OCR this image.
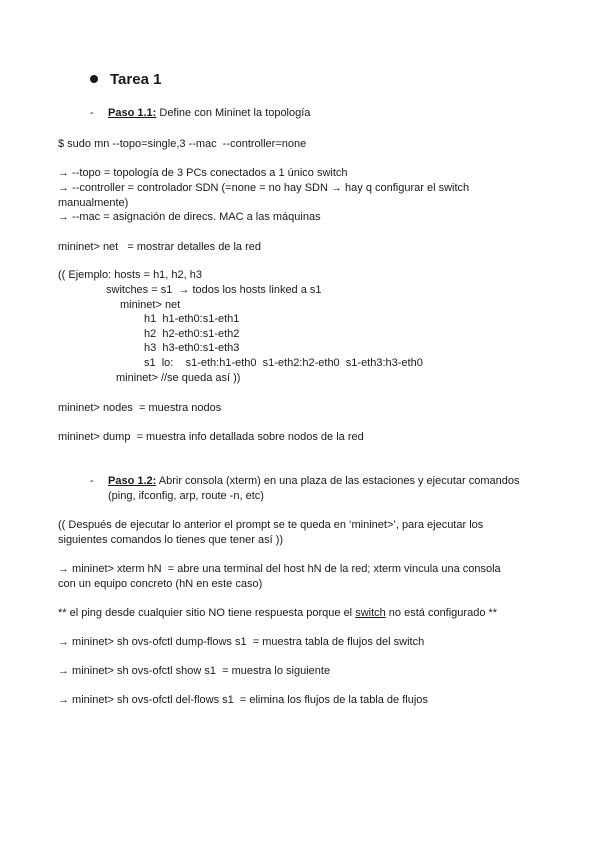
Tarea 1
- Paso 1.1: Define con Mininet la topología
$ sudo mn --topo=single,3 --mac  --controller=none
→ --topo = topología de 3 PCs conectados a 1 único switch
→ --controller = controlador SDN (=none = no hay SDN → hay q configurar el switch
manualmente)
→ --mac = asignación de direcs. MAC a las máquinas
mininet> net   = mostrar detalles de la red
(( Ejemplo: hosts = h1, h2, h3
switches = s1  → todos los hosts linked a s1
mininet> net
h1  h1-eth0:s1-eth1
h2  h2-eth0:s1-eth2
h3  h3-eth0:s1-eth3
s1  lo:    s1-eth:h1-eth0  s1-eth2:h2-eth0  s1-eth3:h3-eth0
mininet> //se queda así ))
mininet> nodes  = muestra nodos
mininet> dump  = muestra info detallada sobre nodos de la red
- Paso 1.2: Abrir consola (xterm) en una plaza de las estaciones y ejecutar comandos
(ping, ifconfig, arp, route -n, etc)
(( Después de ejecutar lo anterior el prompt se te queda en ‘mininet>’, para ejecutar los
siguientes comandos lo tienes que tener así ))
→ mininet> xterm hN  = abre una terminal del host hN de la red; xterm vincula una consola
con un equipo concreto (hN en este caso)
** el ping desde cualquier sitio NO tiene respuesta porque el switch no está configurado **
→ mininet> sh ovs-ofctl dump-flows s1  = muestra tabla de flujos del switch
→ mininet> sh ovs-ofctl show s1  = muestra lo siguiente
→ mininet> sh ovs-ofctl del-flows s1  = elimina los flujos de la tabla de flujos
